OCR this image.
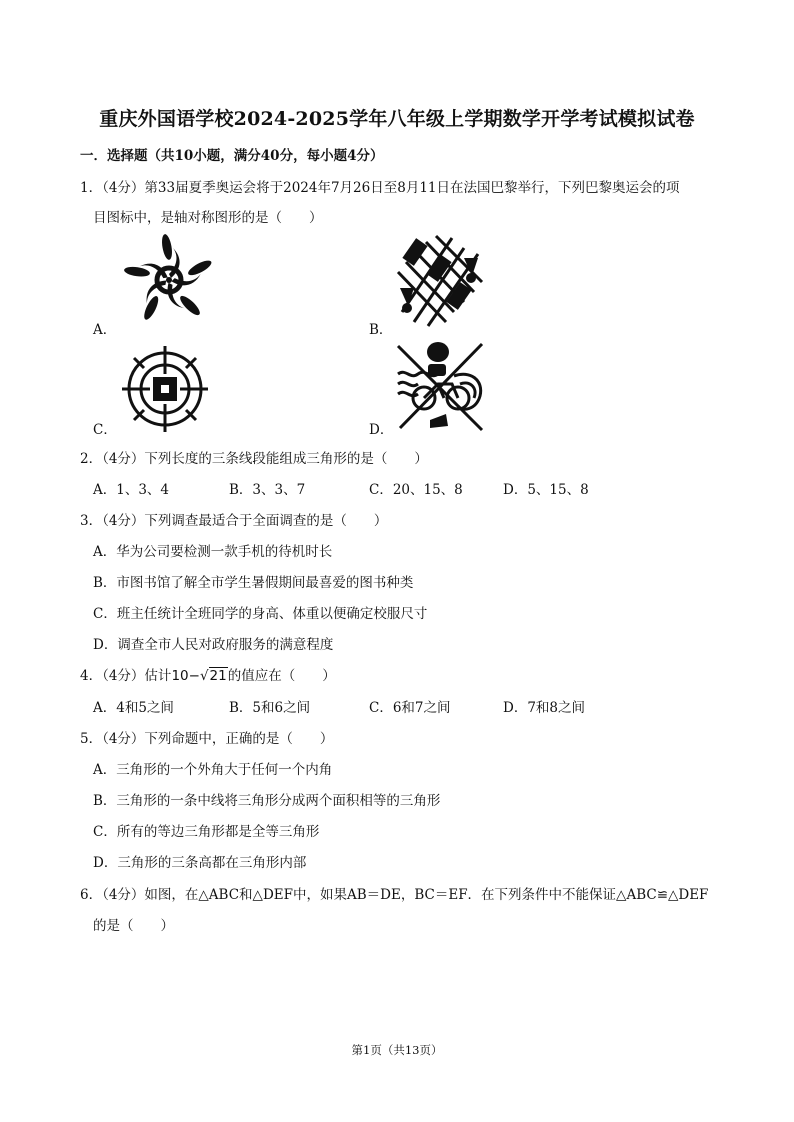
重庆外国语学校2024-2025学年八年级上学期数学开学考试模拟试卷
一．选择题（共10小题，满分40分，每小题4分）
1．（4分）第33届夏季奥运会将于2024年7月26日至8月11日在法国巴黎举行，下列巴黎奥运会的项
目图标中，是轴对称图形的是（　　）
A．	B．
C．	D．
2．（4分）下列长度的三条线段能组成三角形的是（　　）
A．1、3、4	B．3、3、7	C．20、15、8	D．5、15、8
3．（4分）下列调查最适合于全面调查的是（　　）
A．华为公司要检测一款手机的待机时长
B．市图书馆了解全市学生暑假期间最喜爱的图书种类
C．班主任统计全班同学的身高、体重以便确定校服尺寸
D．调查全市人民对政府服务的满意程度
4．（4分）估计10−√21的值应在（　　）
A．4和5之间	B．5和6之间	C．6和7之间	D．7和8之间
5．（4分）下列命题中，正确的是（　　）
A．三角形的一个外角大于任何一个内角
B．三角形的一条中线将三角形分成两个面积相等的三角形
C．所有的等边三角形都是全等三角形
D．三角形的三条高都在三角形内部
6．（4分）如图，在△ABC和△DEF中，如果AB＝DE，BC＝EF．在下列条件中不能保证△ABC≌△DEF
的是（　　）
第1页（共13页）
